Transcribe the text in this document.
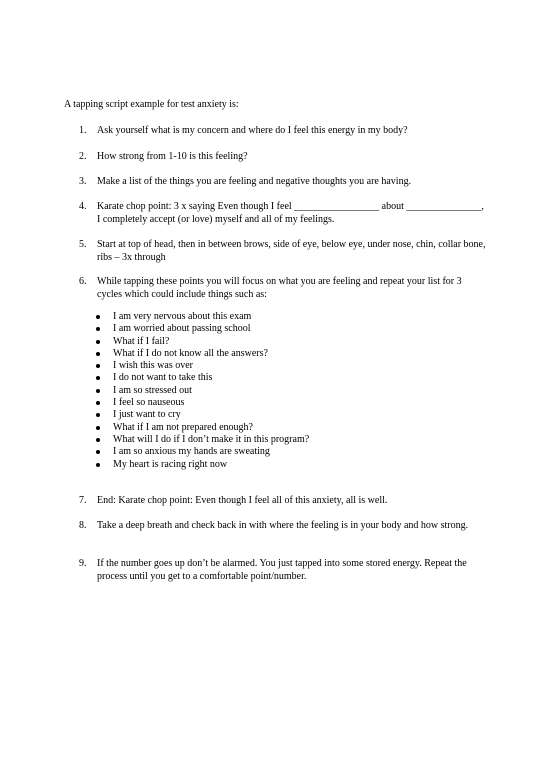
A tapping script example for test anxiety is:
1.	Ask yourself what is my concern and where do I feel this energy in my body?
2.	How strong from 1-10 is this feeling?
3.	Make a list of the things you are feeling and negative thoughts you are having.
4.	Karate chop point: 3 x saying Even though I feel _________________ about _______________, I completely accept (or love) myself and all of my feelings.
5.	Start at top of head, then in between brows, side of eye, below eye, under nose, chin, collar bone, ribs – 3x through
6.	While tapping these points you will focus on what you are feeling and repeat your list for 3 cycles which could include things such as:
I am very nervous about this exam
I am worried about passing school
What if I fail?
What if I do not know all the answers?
I wish this was over
I do not want to take this
I am so stressed out
I feel so nauseous
I just want to cry
What if I am not prepared enough?
What will I do if I don’t make it in this program?
I am so anxious my hands are sweating
My heart is racing right now
7.	End: Karate chop point: Even though I feel all of this anxiety, all is well.
8.	Take a deep breath and check back in with where the feeling is in your body and how strong.
9.	If the number goes up don’t be alarmed. You just tapped into some stored energy. Repeat the process until you get to a comfortable point/number.
